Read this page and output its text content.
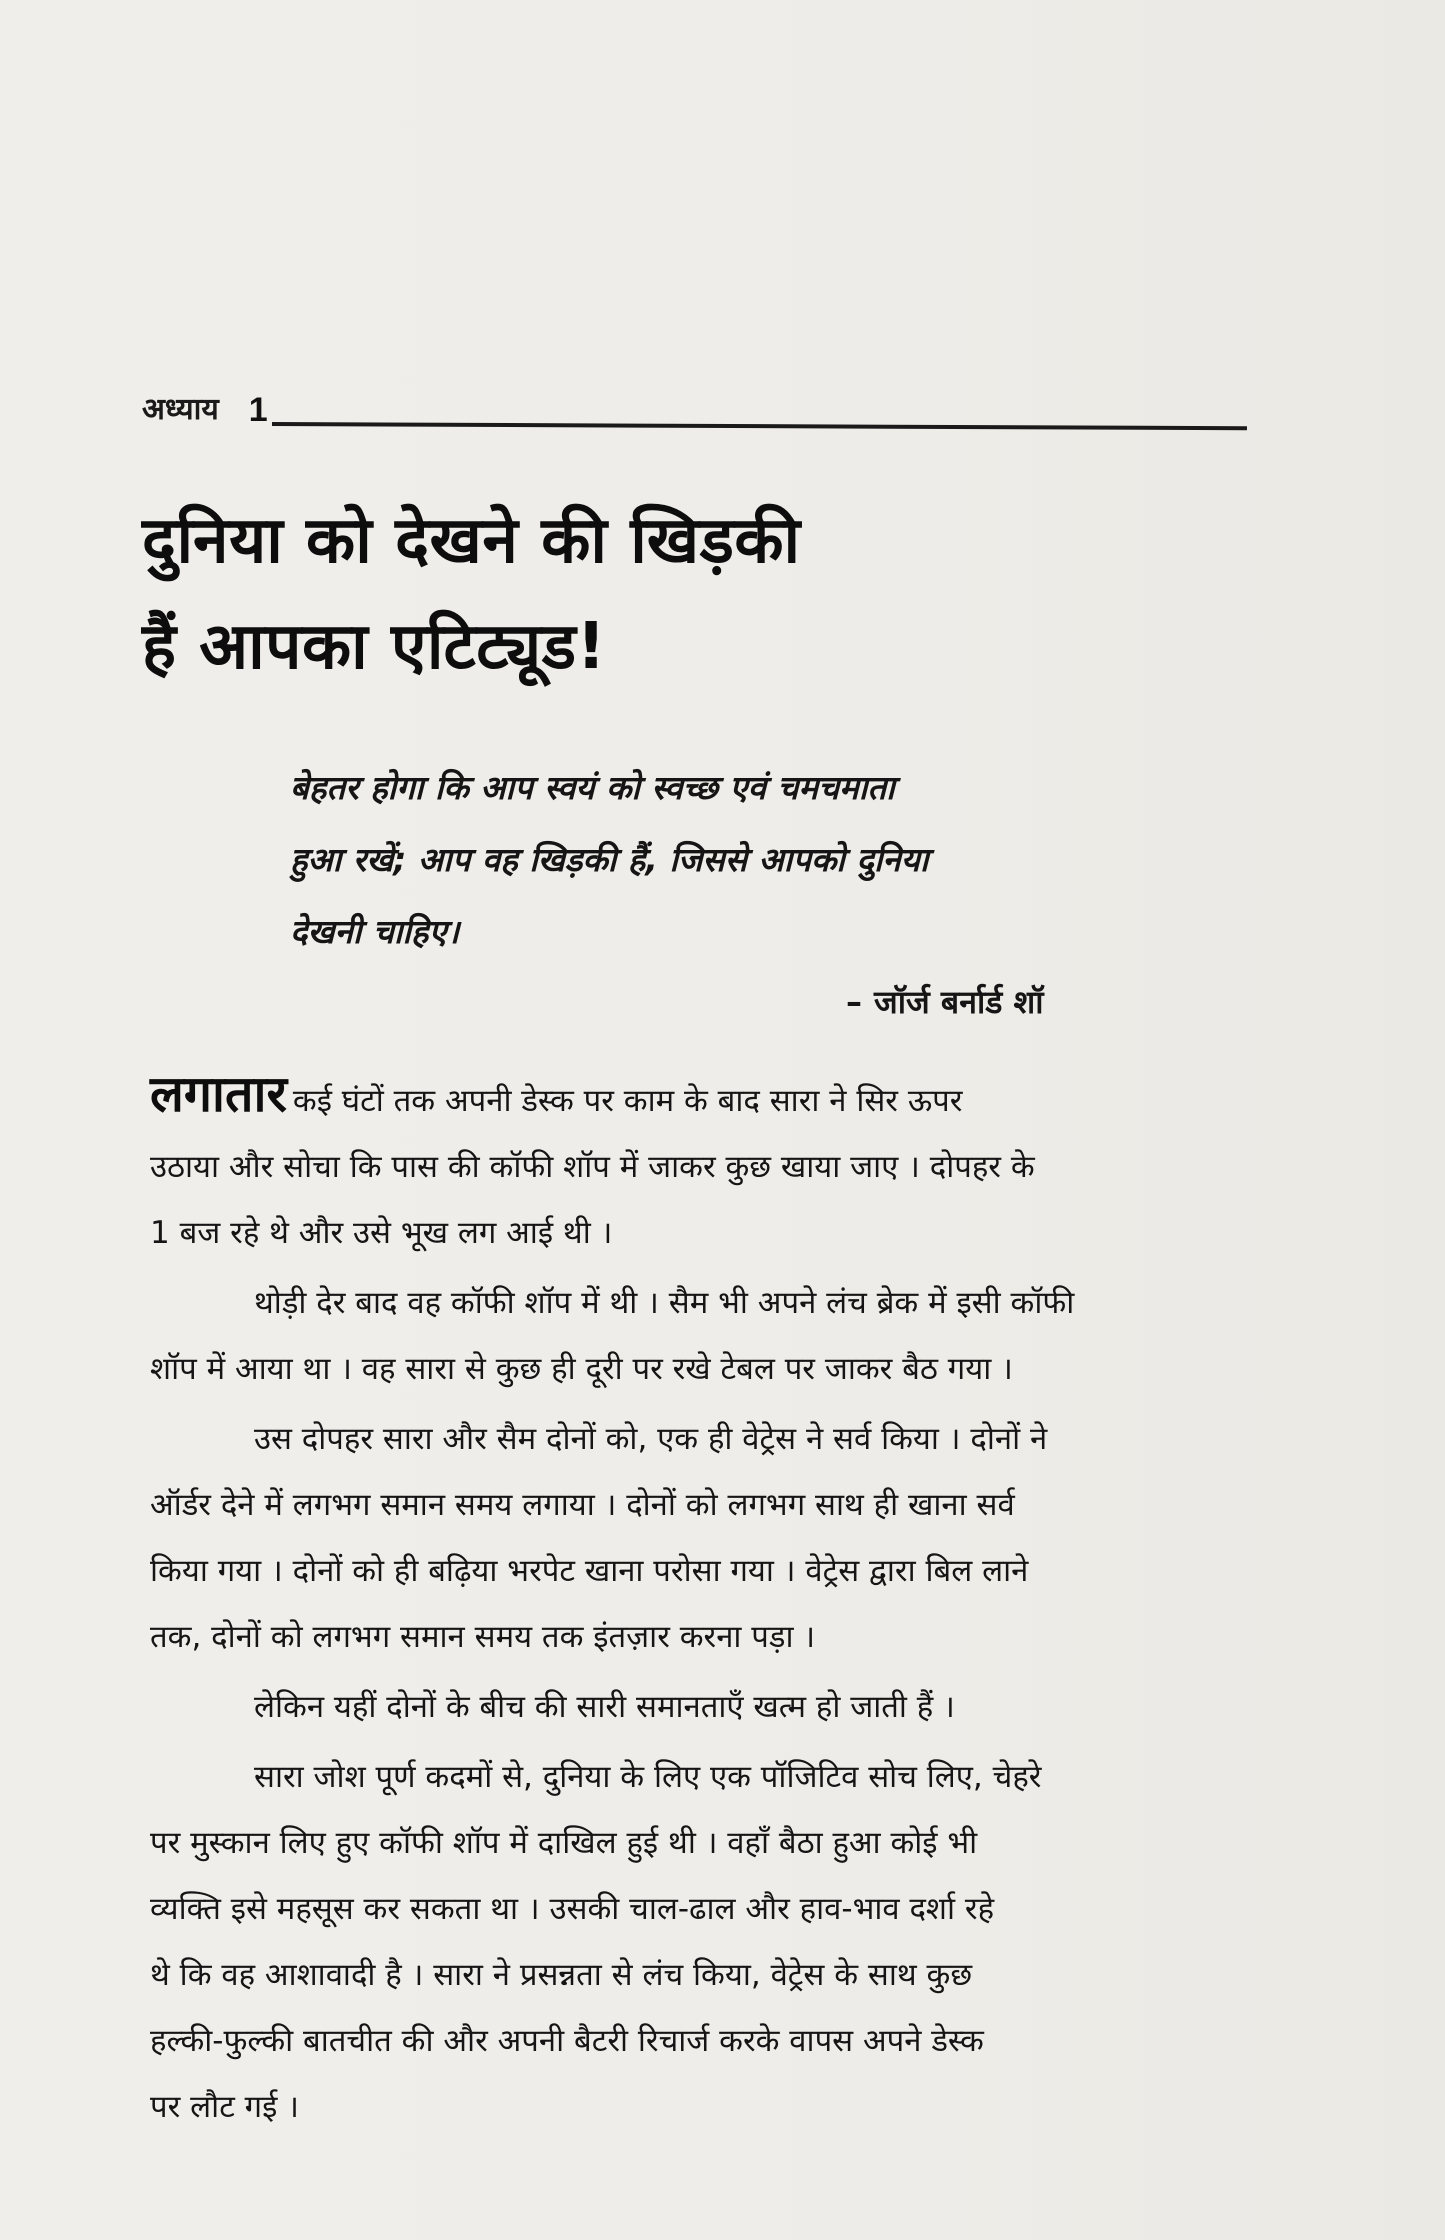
अध्याय 1
दुनिया को देखने की खिड़की
हैं आपका एटिट्यूड!
बेहतर होगा कि आप स्वयं को स्वच्छ एवं चमचमाता
हुआ रखें; आप वह खिड़की हैं, जिससे आपको दुनिया
देखनी चाहिए।
– जॉर्ज बर्नार्ड शॉ

लगातार कई घंटों तक अपनी डेस्क पर काम के बाद सारा ने सिर ऊपर
उठाया और सोचा कि पास की कॉफी शॉप में जाकर कुछ खाया जाए । दोपहर के
1 बज रहे थे और उसे भूख लग आई थी ।

थोड़ी देर बाद वह कॉफी शॉप में थी । सैम भी अपने लंच ब्रेक में इसी कॉफी
शॉप में आया था । वह सारा से कुछ ही दूरी पर रखे टेबल पर जाकर बैठ गया ।

उस दोपहर सारा और सैम दोनों को, एक ही वेट्रेस ने सर्व किया । दोनों ने
ऑर्डर देने में लगभग समान समय लगाया । दोनों को लगभग साथ ही खाना सर्व
किया गया । दोनों को ही बढ़िया भरपेट खाना परोसा गया । वेट्रेस द्वारा बिल लाने
तक, दोनों को लगभग समान समय तक इंतज़ार करना पड़ा ।

लेकिन यहीं दोनों के बीच की सारी समानताएँ खत्म हो जाती हैं ।

सारा जोश पूर्ण कदमों से, दुनिया के लिए एक पॉजिटिव सोच लिए, चेहरे
पर मुस्कान लिए हुए कॉफी शॉप में दाखिल हुई थी । वहाँ बैठा हुआ कोई भी
व्यक्ति इसे महसूस कर सकता था । उसकी चाल-ढाल और हाव-भाव दर्शा रहे
थे कि वह आशावादी है । सारा ने प्रसन्नता से लंच किया, वेट्रेस के साथ कुछ
हल्की-फुल्की बातचीत की और अपनी बैटरी रिचार्ज करके वापस अपने डेस्क
पर लौट गई ।
